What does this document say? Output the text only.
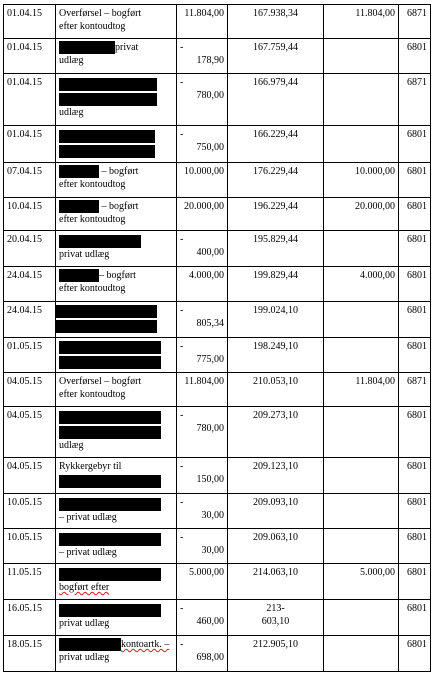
01.04.15	Overførsel – bogført
efter kontoudtog	11.804,00	167.938,34	11.804,00	6871
01.04.15	privat
udlæg	-
178,90	167.759,44		6801
01.04.15	udlæg	-
780,00	166.979,44		6871
01.04.15		-
750,00	166.229,44		6801
07.04.15	– bogført
efter kontoudtog	10.000,00	176.229,44	10.000,00	6801
10.04.15	– bogført
efter kontoudtog	20.000,00	196.229,44	20.000,00	6801
20.04.15	privat udlæg	-
400,00	195.829,44		6801
24.04.15	– bogført
efter kontoudtog	4.000,00	199.829,44	4.000,00	6801
24.04.15		-
805,34	199.024,10		6801
01.05.15		-
775,00	198.249,10		6801
04.05.15	Overførsel – bogført
efter kontoudtog	11.804,00	210.053,10	11.804,00	6871
04.05.15	udlæg	-
780,00	209.273,10		6801
04.05.15	Rykkergebyr til	-
150,00	209.123,10		6801
10.05.15	– privat udlæg	-
30,00	209.093,10		6801
10.05.15	– privat udlæg	-
30,00	209.063,10		6801
11.05.15	bogført efter	5.000,00	214.063,10	5.000,00	6801
16.05.15	privat udlæg	-
460,00	213-
603,10		6801
18.05.15	kontoartk. –
privat udlæg	-
698,00	212.905,10		6801
